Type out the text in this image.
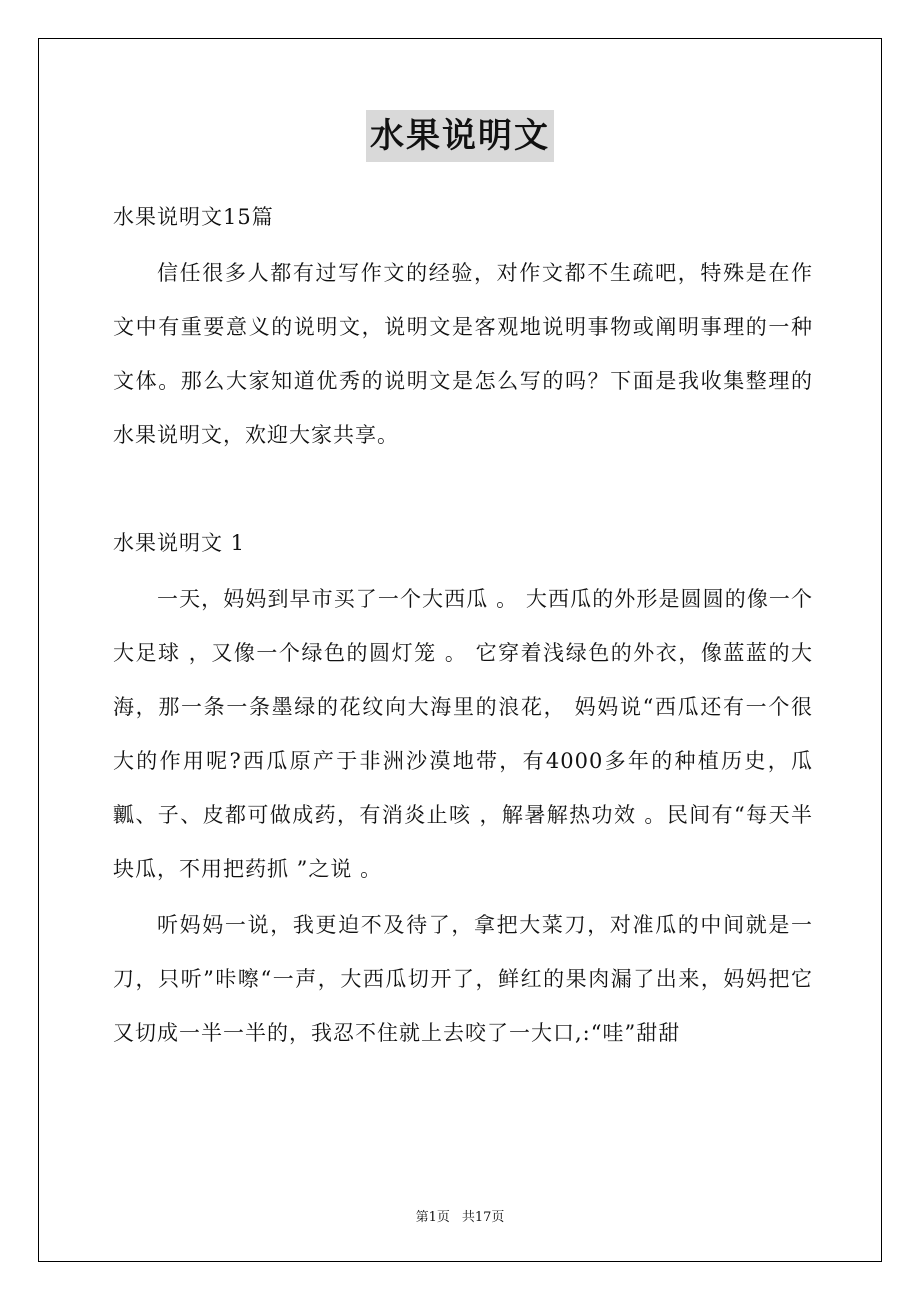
水果说明文

水果说明文15篇

信任很多人都有过写作文的经验，对作文都不生疏吧，特殊是在作文中有重要意义的说明文，说明文是客观地说明事物或阐明事理的一种文体。那么大家知道优秀的说明文是怎么写的吗？下面是我收集整理的水果说明文，欢迎大家共享。

水果说明文 1

一天，妈妈到早市买了一个大西瓜 。 大西瓜的外形是圆圆的像一个大足球 ，又像一个绿色的圆灯笼 。 它穿着浅绿色的外衣，像蓝蓝的大海，那一条一条墨绿的花纹向大海里的浪花， 妈妈说“西瓜还有一个很大的作用呢?西瓜原产于非洲沙漠地带，有4000多年的种植历史，瓜瓤、子、皮都可做成药，有消炎止咳 ，解暑解热功效 。民间有“每天半块瓜，不用把药抓 ”之说 。

听妈妈一说，我更迫不及待了，拿把大菜刀，对准瓜的中间就是一刀，只听”咔嚓“一声，大西瓜切开了，鲜红的果肉漏了出来，妈妈把它又切成一半一半的，我忍不住就上去咬了一大口,:“哇”甜甜

第1页 共17页
